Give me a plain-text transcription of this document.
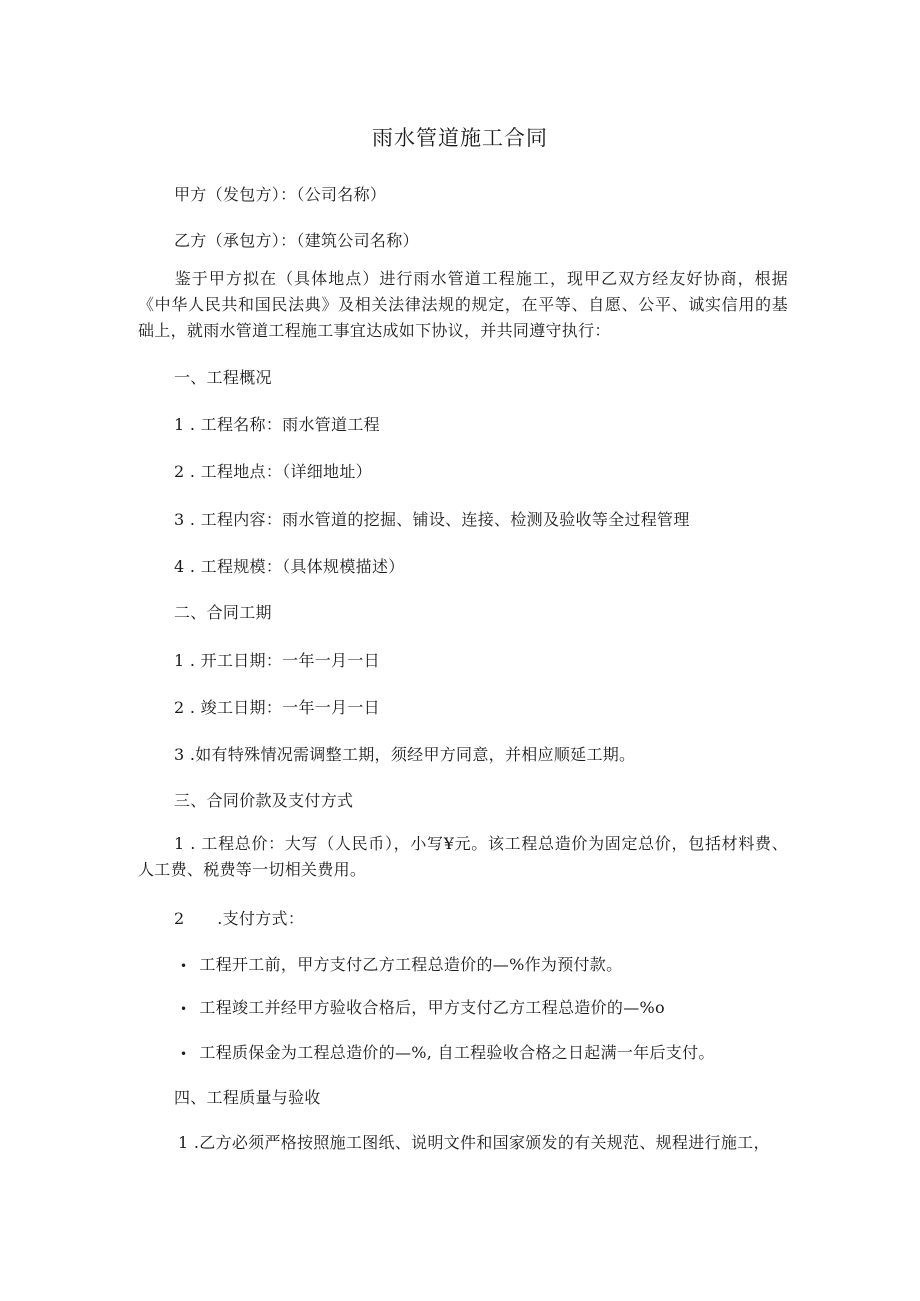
雨水管道施工合同
甲方（发包方）：（公司名称）
乙方（承包方）：（建筑公司名称）
鉴于甲方拟在（具体地点）进行雨水管道工程施工，现甲乙双方经友好协商，根据《中华人民共和国民法典》及相关法律法规的规定，在平等、自愿、公平、诚实信用的基础上，就雨水管道工程施工事宜达成如下协议，并共同遵守执行：
一、工程概况
1 . 工程名称：雨水管道工程
2 . 工程地点：（详细地址）
3 . 工程内容：雨水管道的挖掘、铺设、连接、检测及验收等全过程管理
4 . 工程规模：（具体规模描述）
二、合同工期
1 . 开工日期：一年一月一日
2 . 竣工日期：一年一月一日
3 .如有特殊情况需调整工期，须经甲方同意，并相应顺延工期。
三、合同价款及支付方式
1 . 工程总价：大写（人民币），小写¥元。该工程总造价为固定总价，包括材料费、人工费、税费等一切相关费用。
2 .支付方式：
• 工程开工前，甲方支付乙方工程总造价的—%作为预付款。
• 工程竣工并经甲方验收合格后，甲方支付乙方工程总造价的—%o
• 工程质保金为工程总造价的—%, 自工程验收合格之日起满一年后支付。
四、工程质量与验收
1 .乙方必须严格按照施工图纸、说明文件和国家颁发的有关规范、规程进行施工，
